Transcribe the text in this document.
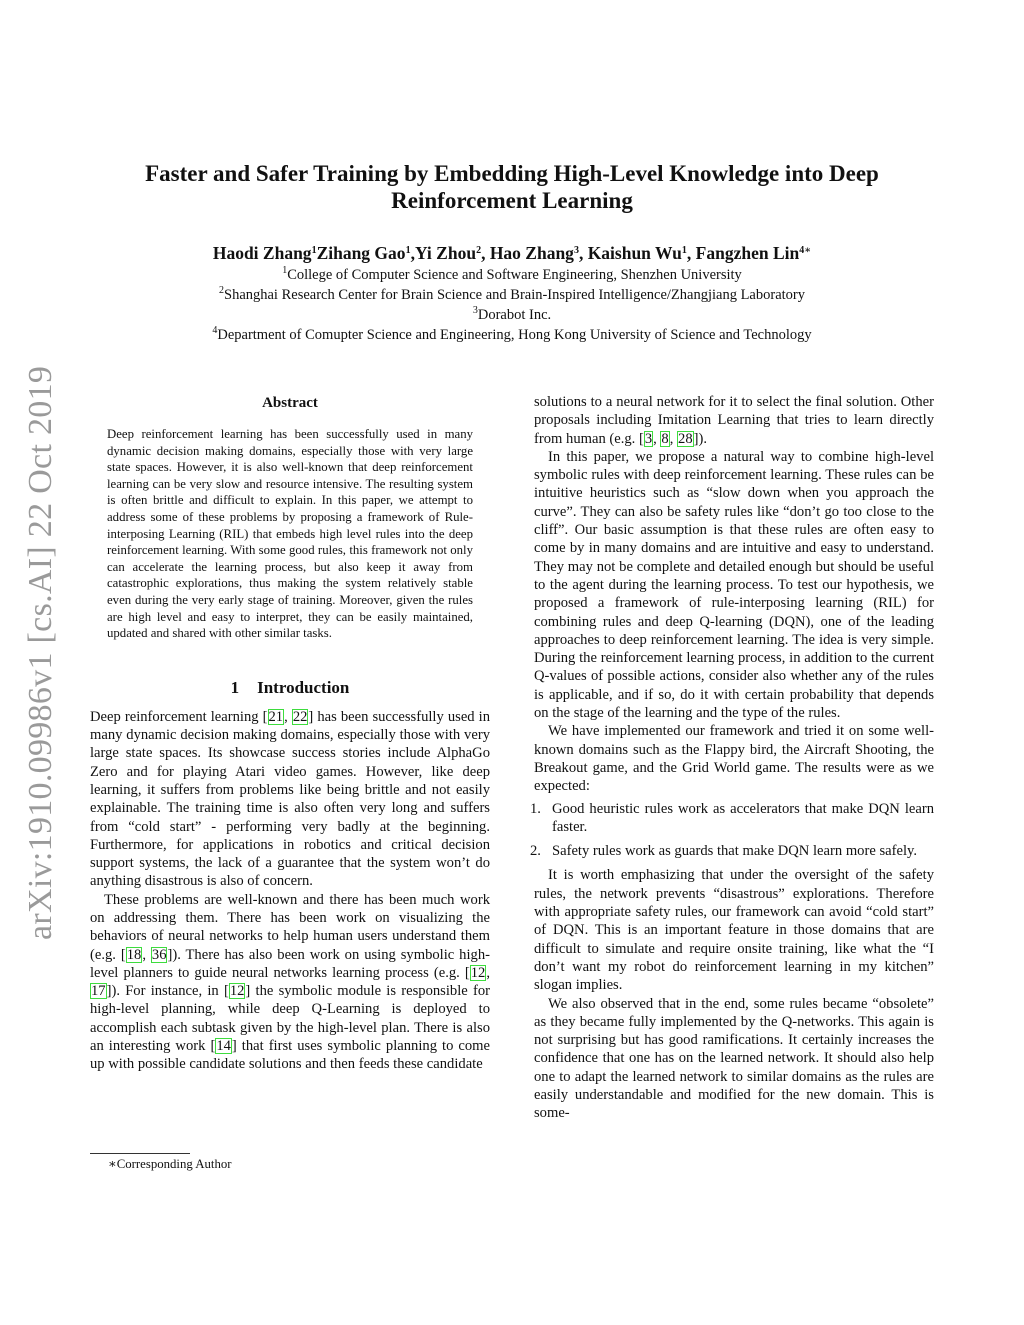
arXiv:1910.09986v1 [cs.AI] 22 Oct 2019
Faster and Safer Training by Embedding High-Level Knowledge into Deep
Reinforcement Learning
Haodi Zhang$^1$Zihang Gao$^1$,Yi Zhou$^2$, Hao Zhang$^3$, Kaishun Wu$^1$, Fangzhen Lin$^{4∗}$
$^1$College of Computer Science and Software Engineering, Shenzhen University
$^2$Shanghai Research Center for Brain Science and Brain-Inspired Intelligence/Zhangjiang Laboratory
$^3$Dorabot Inc.
$^4$Department of Comupter Science and Engineering, Hong Kong University of Science and Technology
Abstract

Deep reinforcement learning has been successfully used in many dynamic decision making domains, especially those with very large state spaces. However, it is also well-known that deep reinforcement learning can be very slow and resource intensive. The resulting system is often brittle and difficult to explain. In this paper, we attempt to address some of these problems by proposing a framework of Rule-interposing Learning (RIL) that embeds high level rules into the deep reinforcement learning. With some good rules, this framework not only can accelerate the learning process, but also keep it away from catastrophic explorations, thus making the system relatively stable even during the very early stage of training. Moreover, given the rules are high level and easy to interpret, they can be easily maintained, updated and shared with other similar tasks.

1 Introduction

Deep reinforcement learning [21, 22] has been successfully used in many dynamic decision making domains, especially those with very large state spaces. Its showcase success stories include AlphaGo Zero and for playing Atari video games. However, like deep learning, it suffers from problems like being brittle and not easily explainable. The training time is also often very long and suffers from “cold start” - performing very badly at the beginning. Furthermore, for applications in robotics and critical decision support systems, the lack of a guarantee that the system won’t do anything disastrous is also of concern.

These problems are well-known and there has been much work on addressing them. There has been work on visualizing the behaviors of neural networks to help human users understand them (e.g. [18, 36]). There has also been work on using symbolic high-level planners to guide neural networks learning process (e.g. [12, 17]). For instance, in [12] the symbolic module is responsible for high-level planning, while deep Q-Learning is deployed to accomplish each subtask given by the high-level plan. There is also an interesting work [14] that first uses symbolic planning to come up with possible candidate solutions and then feeds these candidate

∗Corresponding Author

solutions to a neural network for it to select the final solution. Other proposals including Imitation Learning that tries to learn directly from human (e.g. [3, 8, 28]).

In this paper, we propose a natural way to combine high-level symbolic rules with deep reinforcement learning. These rules can be intuitive heuristics such as “slow down when you approach the curve”. They can also be safety rules like “don’t go too close to the cliff”. Our basic assumption is that these rules are often easy to come by in many domains and are intuitive and easy to understand. They may not be complete and detailed enough but should be useful to the agent during the learning process. To test our hypothesis, we proposed a framework of rule-interposing learning (RIL) for combining rules and deep Q-learning (DQN), one of the leading approaches to deep reinforcement learning. The idea is very simple. During the reinforcement learning process, in addition to the current Q-values of possible actions, consider also whether any of the rules is applicable, and if so, do it with certain probability that depends on the stage of the learning and the type of the rules.

We have implemented our framework and tried it on some well-known domains such as the Flappy bird, the Aircraft Shooting, the Breakout game, and the Grid World game. The results were as we expected:

1. Good heuristic rules work as accelerators that make DQN learn faster.
2. Safety rules work as guards that make DQN learn more safely.

It is worth emphasizing that under the oversight of the safety rules, the network prevents “disastrous” explorations. Therefore with appropriate safety rules, our framework can avoid “cold start” of DQN. This is an important feature in those domains that are difficult to simulate and require onsite training, like what the “I don’t want my robot do reinforcement learning in my kitchen” slogan implies.

We also observed that in the end, some rules became “obsolete” as they became fully implemented by the Q-networks. This again is not surprising but has good ramifications. It certainly increases the confidence that one has on the learned network. It should also help one to adapt the learned network to similar domains as the rules are easily understandable and modified for the new domain. This is some-
